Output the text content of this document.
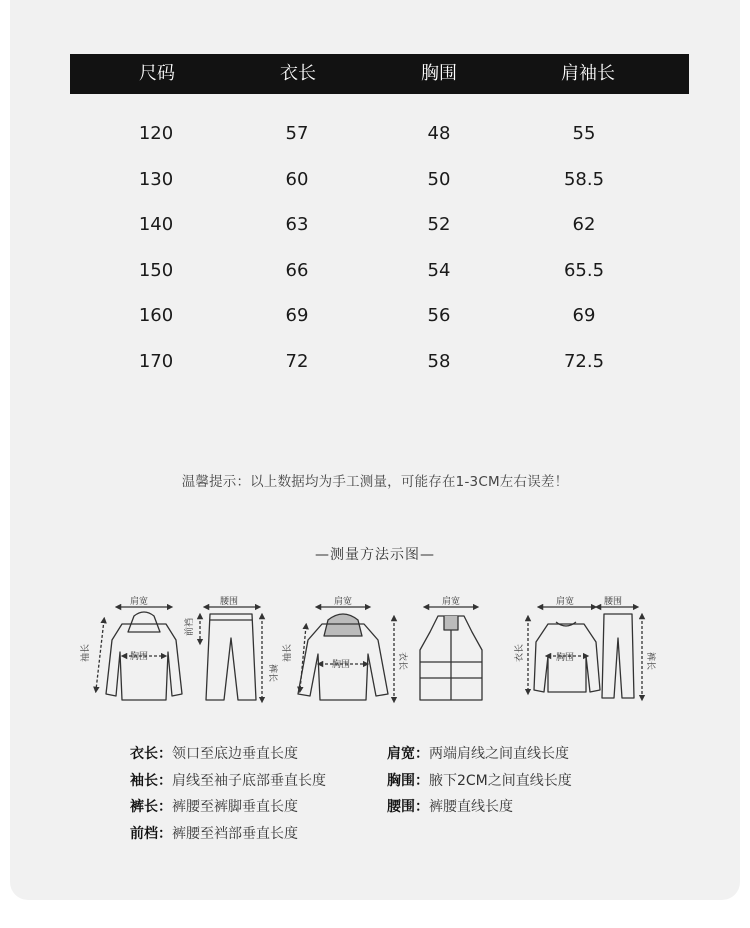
尺码	衣长	胸围	肩袖长
120	57	48	55
130	60	50	58.5
140	63	52	62
150	66	54	65.5
160	69	56	69
170	72	58	72.5
温馨提示：以上数据均为手工测量，可能存在1-3CM左右误差！
—测量方法示图—
肩宽	腰围	肩宽	肩宽	肩宽	腰围
胸围
胸围
胸围
袖长	袖长
前裆
裤长
衣长	衣长	裤长
衣长：领口至底边垂直长度
袖长：肩线至袖子底部垂直长度
裤长：裤腰至裤脚垂直长度
前档：裤腰至裆部垂直长度
肩宽：两端肩线之间直线长度
胸围：腋下2CM之间直线长度
腰围：裤腰直线长度
